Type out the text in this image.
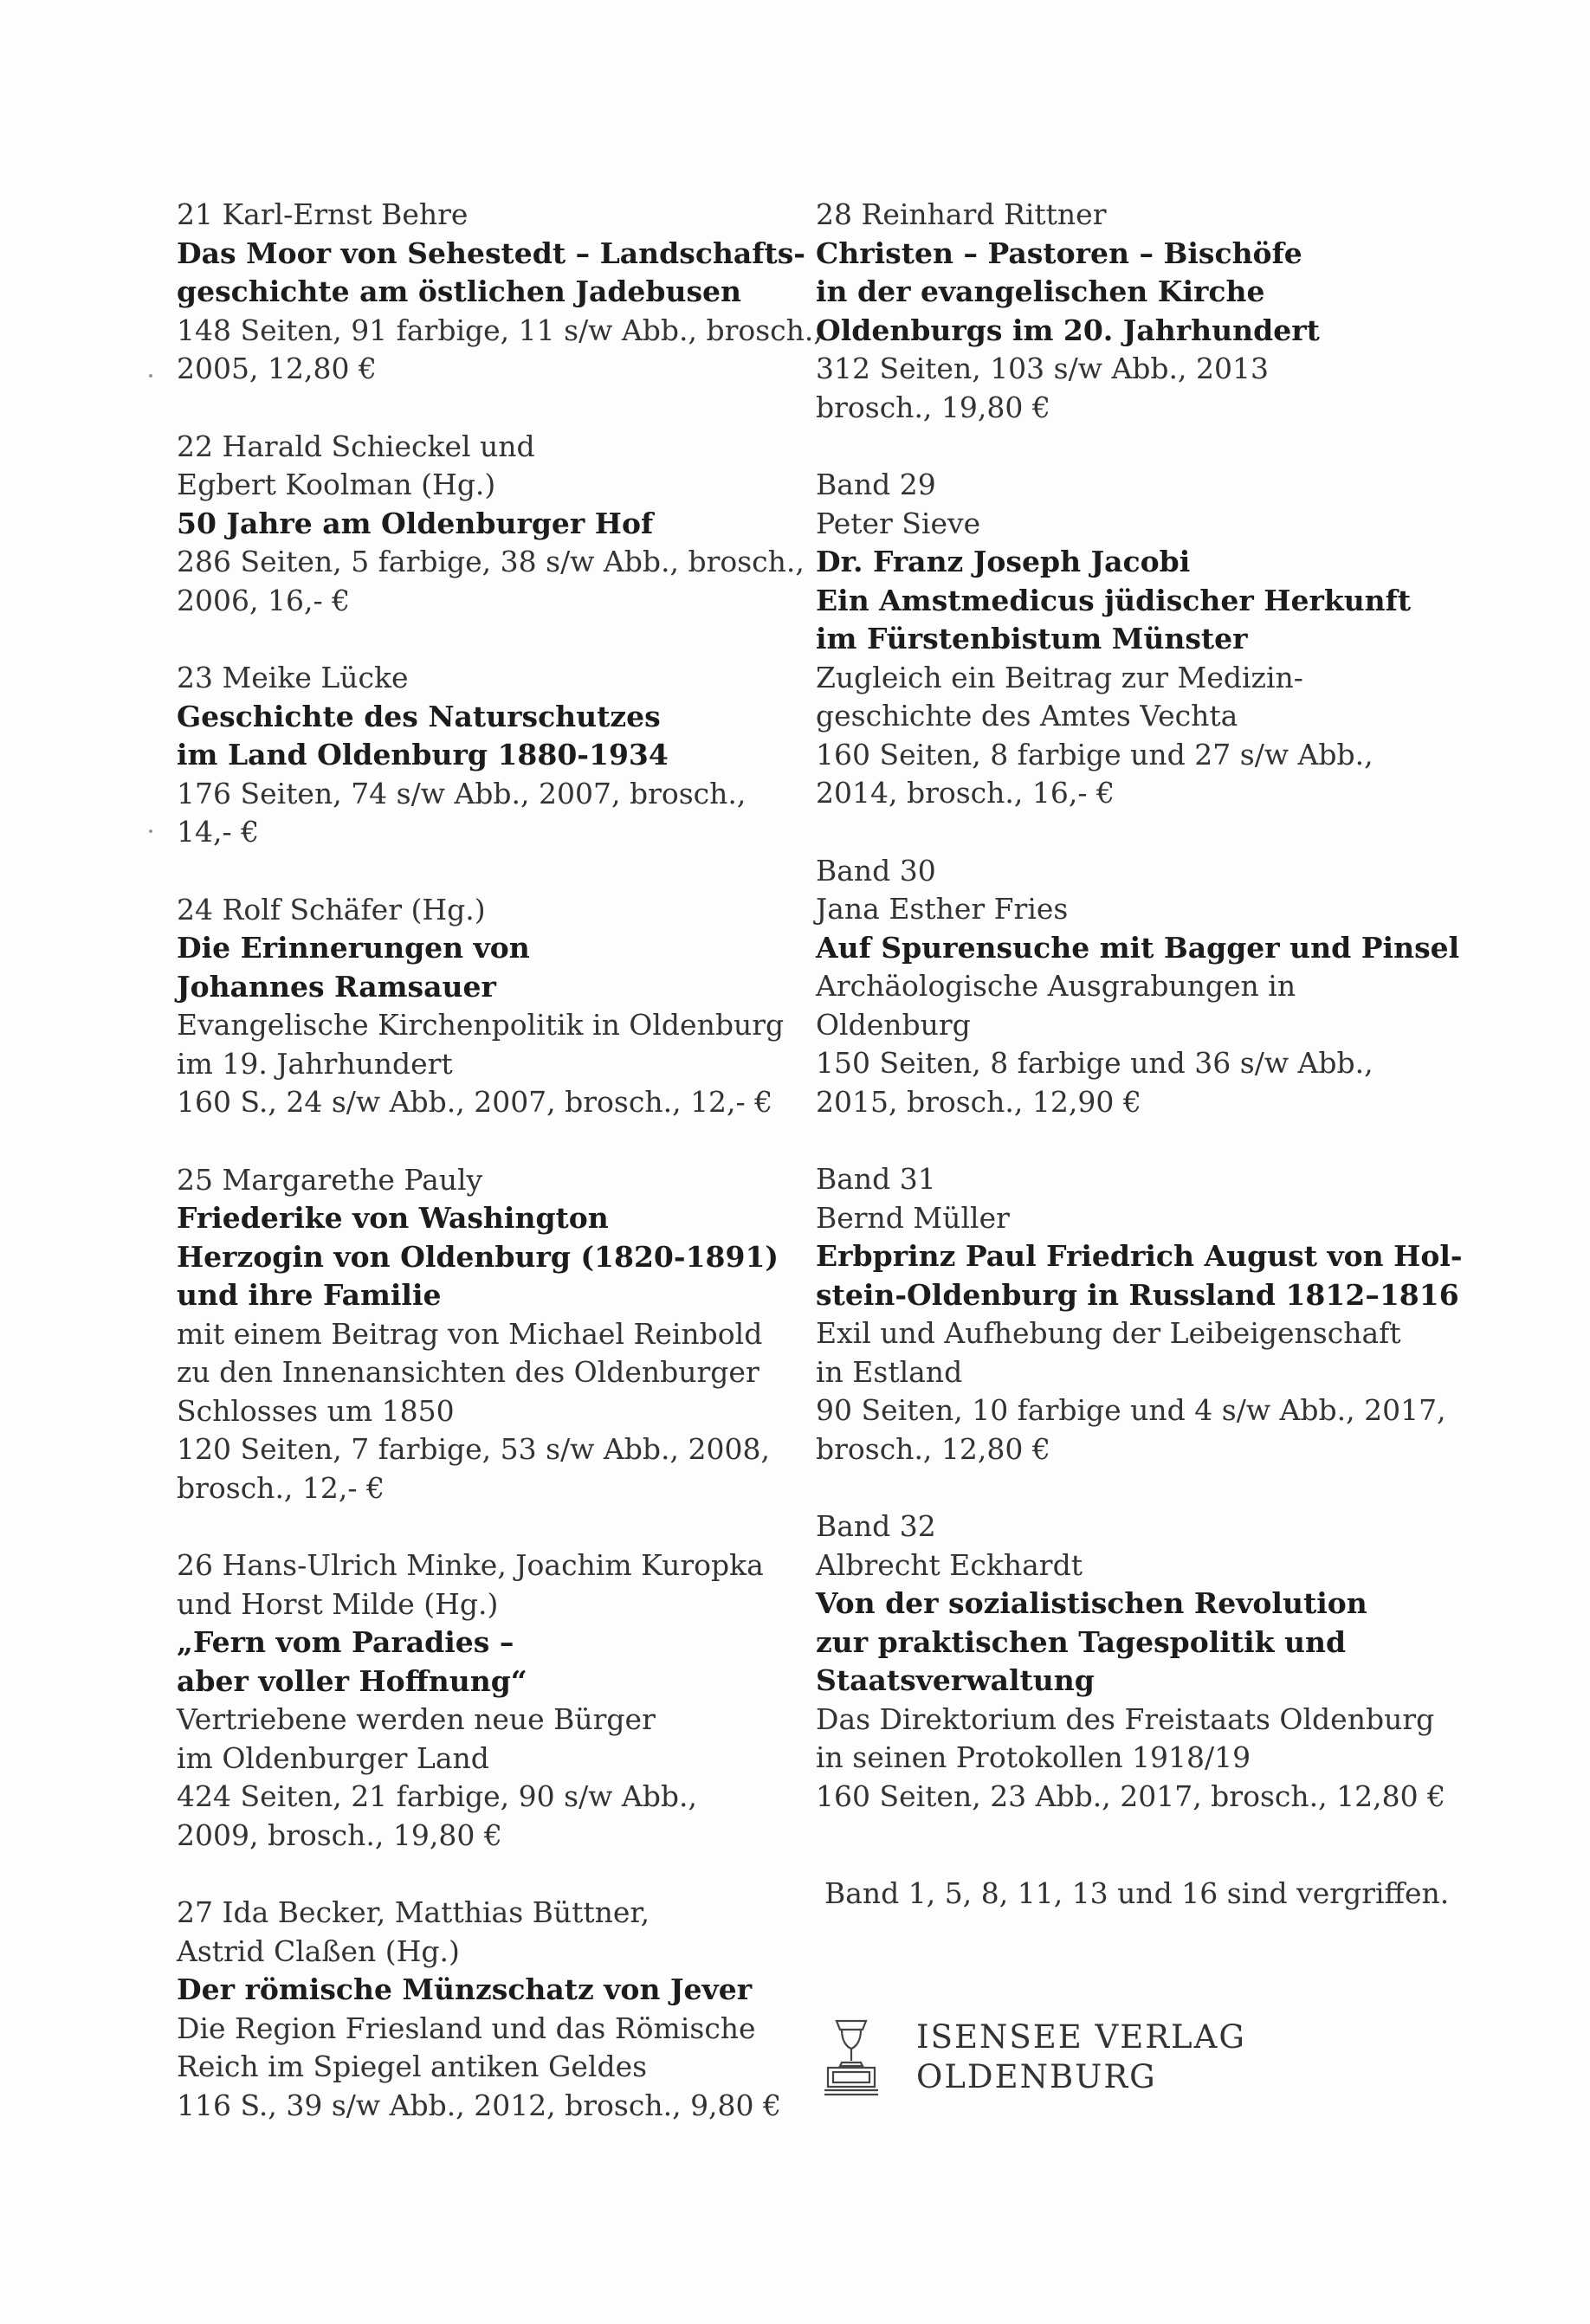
21 Karl-Ernst Behre
Das Moor von Sehestedt – Landschafts-
geschichte am östlichen Jadebusen
148 Seiten, 91 farbige, 11 s/w Abb., brosch.,
2005, 12,80 €
22 Harald Schieckel und
Egbert Koolman (Hg.)
50 Jahre am Oldenburger Hof
286 Seiten, 5 farbige, 38 s/w Abb., brosch.,
2006, 16,- €
23 Meike Lücke
Geschichte des Naturschutzes
im Land Oldenburg 1880-1934
176 Seiten, 74 s/w Abb., 2007, brosch.,
14,- €
24 Rolf Schäfer (Hg.)
Die Erinnerungen von
Johannes Ramsauer
Evangelische Kirchenpolitik in Oldenburg
im 19. Jahrhundert
160 S., 24 s/w Abb., 2007, brosch., 12,- €
25 Margarethe Pauly
Friederike von Washington
Herzogin von Oldenburg (1820-1891)
und ihre Familie
mit einem Beitrag von Michael Reinbold
zu den Innenansichten des Oldenburger
Schlosses um 1850
120 Seiten, 7 farbige, 53 s/w Abb., 2008,
brosch., 12,- €
26 Hans-Ulrich Minke, Joachim Kuropka
und Horst Milde (Hg.)
„Fern vom Paradies –
aber voller Hoffnung“
Vertriebene werden neue Bürger
im Oldenburger Land
424 Seiten, 21 farbige, 90 s/w Abb.,
2009, brosch., 19,80 €
27 Ida Becker, Matthias Büttner,
Astrid Claßen (Hg.)
Der römische Münzschatz von Jever
Die Region Friesland und das Römische
Reich im Spiegel antiken Geldes
116 S., 39 s/w Abb., 2012, brosch., 9,80 €
28 Reinhard Rittner
Christen – Pastoren – Bischöfe
in der evangelischen Kirche
Oldenburgs im 20. Jahrhundert
312 Seiten, 103 s/w Abb., 2013
brosch., 19,80 €
Band 29
Peter Sieve
Dr. Franz Joseph Jacobi
Ein Amstmedicus jüdischer Herkunft
im Fürstenbistum Münster
Zugleich ein Beitrag zur Medizin-
geschichte des Amtes Vechta
160 Seiten, 8 farbige und 27 s/w Abb.,
2014, brosch., 16,- €
Band 30
Jana Esther Fries
Auf Spurensuche mit Bagger und Pinsel
Archäologische Ausgrabungen in
Oldenburg
150 Seiten, 8 farbige und 36 s/w Abb.,
2015, brosch., 12,90 €
Band 31
Bernd Müller
Erbprinz Paul Friedrich August von Hol-
stein-Oldenburg in Russland 1812–1816
Exil und Aufhebung der Leibeigenschaft
in Estland
90 Seiten, 10 farbige und 4 s/w Abb., 2017,
brosch., 12,80 €
Band 32
Albrecht Eckhardt
Von der sozialistischen Revolution
zur praktischen Tagespolitik und
Staatsverwaltung
Das Direktorium des Freistaats Oldenburg
in seinen Protokollen 1918/19
160 Seiten, 23 Abb., 2017, brosch., 12,80 €
Band 1, 5, 8, 11, 13 und 16 sind vergriffen.
ISENSEE VERLAG
OLDENBURG
